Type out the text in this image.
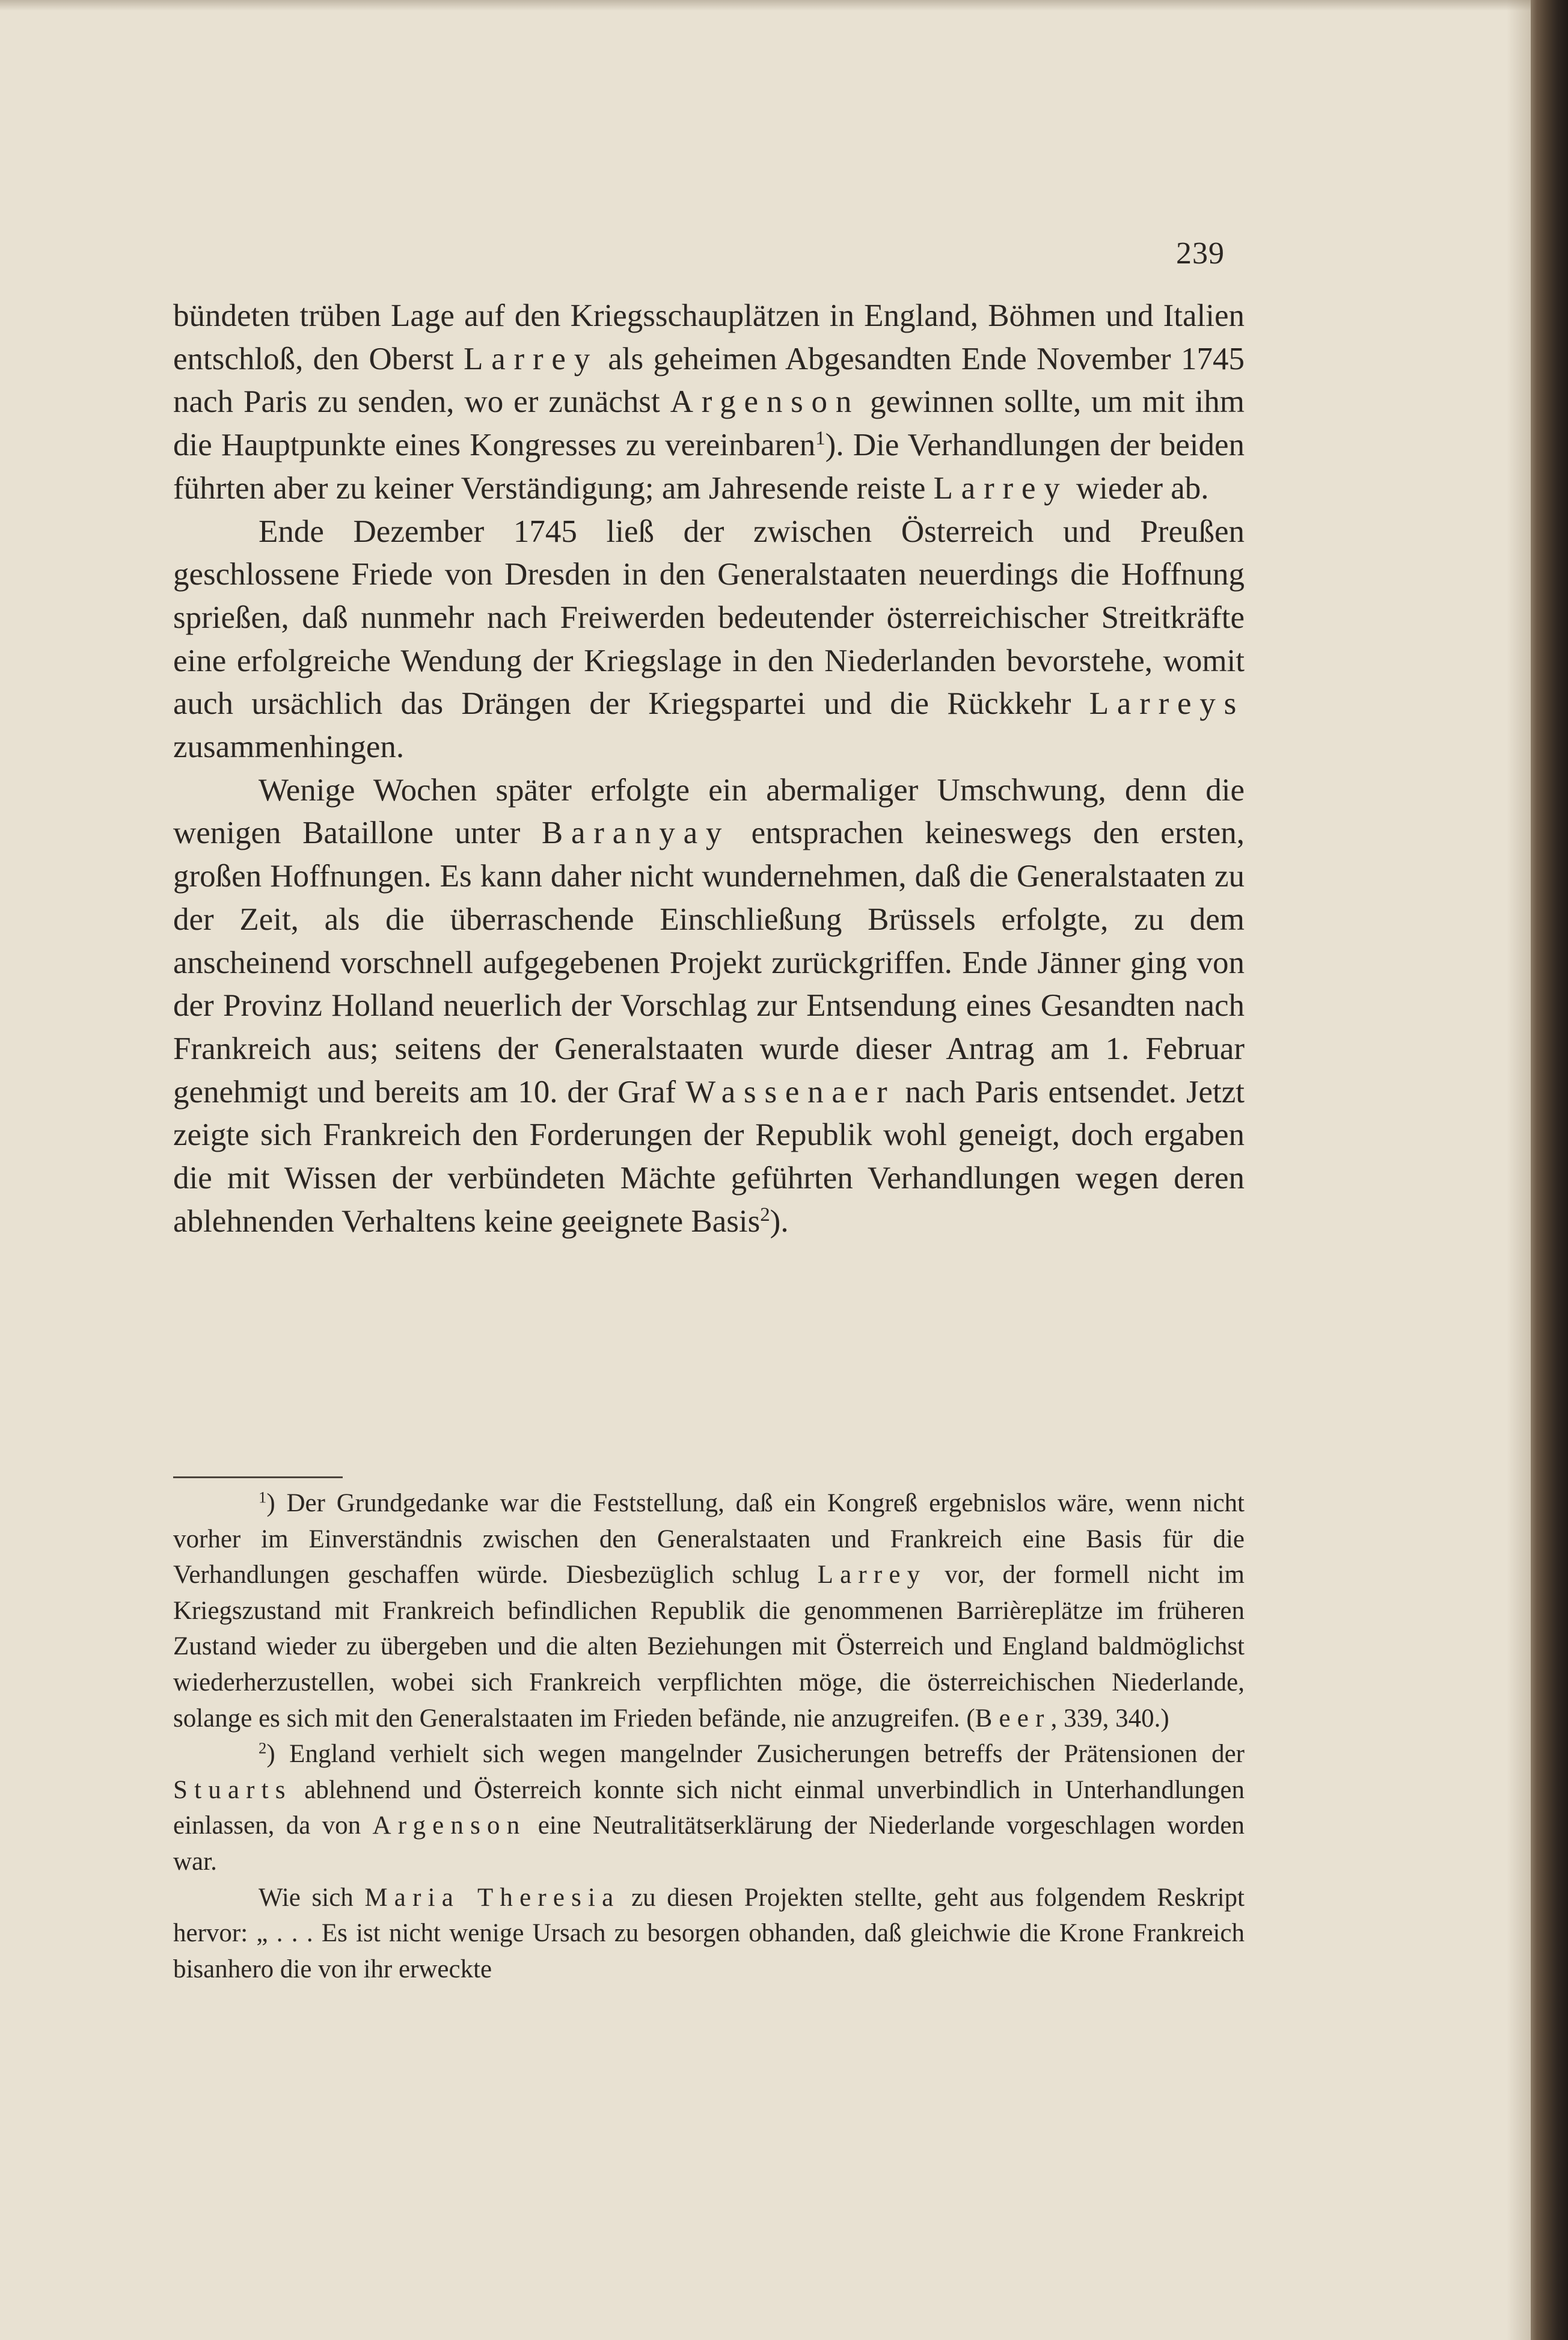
239

bündeten trüben Lage auf den Kriegsschauplätzen in England, Böhmen und Italien entschloß, den Oberst Larrey als geheimen Abgesandten Ende November 1745 nach Paris zu senden, wo er zunächst Argenson gewinnen sollte, um mit ihm die Hauptpunkte eines Kongresses zu vereinbaren$^1$). Die Verhandlungen der beiden führten aber zu keiner Verständigung; am Jahresende reiste Larrey wieder ab.

Ende Dezember 1745 ließ der zwischen Österreich und Preußen geschlossene Friede von Dresden in den Generalstaaten neuerdings die Hoffnung sprießen, daß nunmehr nach Freiwerden bedeutender österreichischer Streitkräfte eine erfolgreiche Wendung der Kriegslage in den Niederlanden bevorstehe, womit auch ursächlich das Drängen der Kriegspartei und die Rückkehr Larreys zusammenhingen.

Wenige Wochen später erfolgte ein abermaliger Umschwung, denn die wenigen Bataillone unter Baranyay entsprachen keineswegs den ersten, großen Hoffnungen. Es kann daher nicht wundernehmen, daß die Generalstaaten zu der Zeit, als die überraschende Einschließung Brüssels erfolgte, zu dem anscheinend vorschnell aufgegebenen Projekt zurückgriffen. Ende Jänner ging von der Provinz Holland neuerlich der Vorschlag zur Entsendung eines Gesandten nach Frankreich aus; seitens der Generalstaaten wurde dieser Antrag am 1. Februar genehmigt und bereits am 10. der Graf Wassenaer nach Paris entsendet. Jetzt zeigte sich Frankreich den Forderungen der Republik wohl geneigt, doch ergaben die mit Wissen der verbündeten Mächte geführten Verhandlungen wegen deren ablehnenden Verhaltens keine geeignete Basis$^2$).

$^1$) Der Grundgedanke war die Feststellung, daß ein Kongreß ergebnislos wäre, wenn nicht vorher im Einverständnis zwischen den Generalstaaten und Frankreich eine Basis für die Verhandlungen geschaffen würde. Diesbezüglich schlug Larrey vor, der formell nicht im Kriegszustand mit Frankreich befindlichen Republik die genommenen Barrièreplätze im früheren Zustand wieder zu übergeben und die alten Beziehungen mit Österreich und England baldmöglichst wiederherzustellen, wobei sich Frankreich verpflichten möge, die österreichischen Niederlande, solange es sich mit den Generalstaaten im Frieden befände, nie anzugreifen. (Beer, 339, 340.)

$^2$) England verhielt sich wegen mangelnder Zusicherungen betreffs der Prätensionen der Stuarts ablehnend und Österreich konnte sich nicht einmal unverbindlich in Unterhandlungen einlassen, da von Argenson eine Neutralitätserklärung der Niederlande vorgeschlagen worden war.

Wie sich Maria Theresia zu diesen Projekten stellte, geht aus folgendem Reskript hervor: „ . . . Es ist nicht wenige Ursach zu besorgen obhanden, daß gleichwie die Krone Frankreich bisanhero die von ihr erweckte
